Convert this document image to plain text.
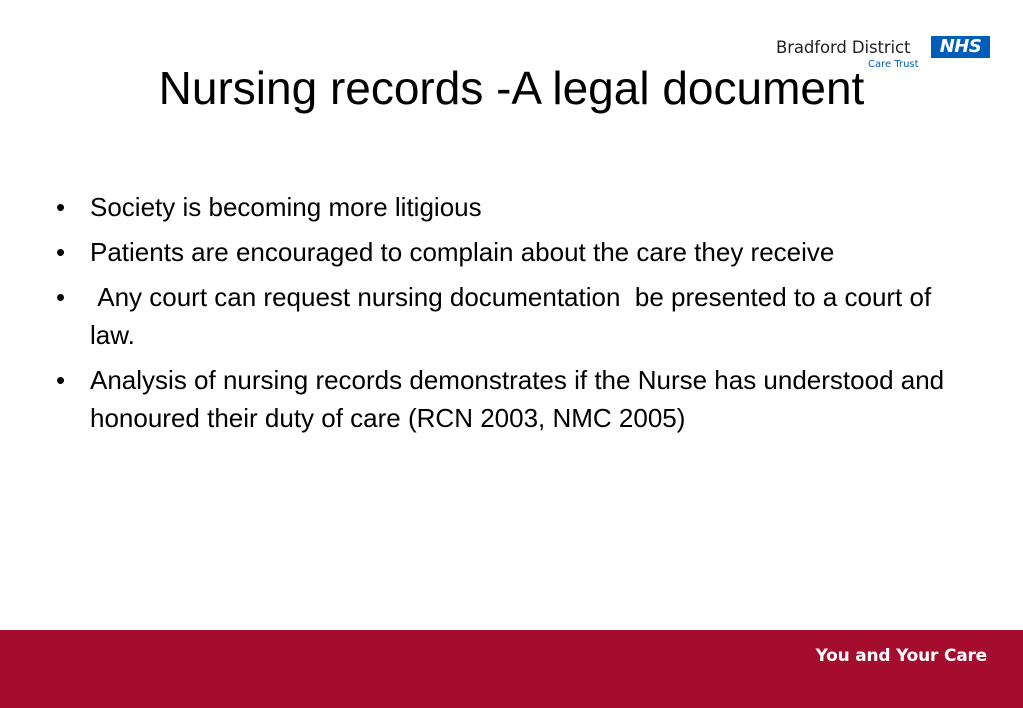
Bradford District	NHS
Care Trust
Nursing records -A legal document
• Society is becoming more litigious
• Patients are encouraged to complain about the care they receive
• Any court can request nursing documentation  be presented to a court of law.
• Analysis of nursing records demonstrates if the Nurse has understood and honoured their duty of care (RCN 2003, NMC 2005)
You and Your Care
